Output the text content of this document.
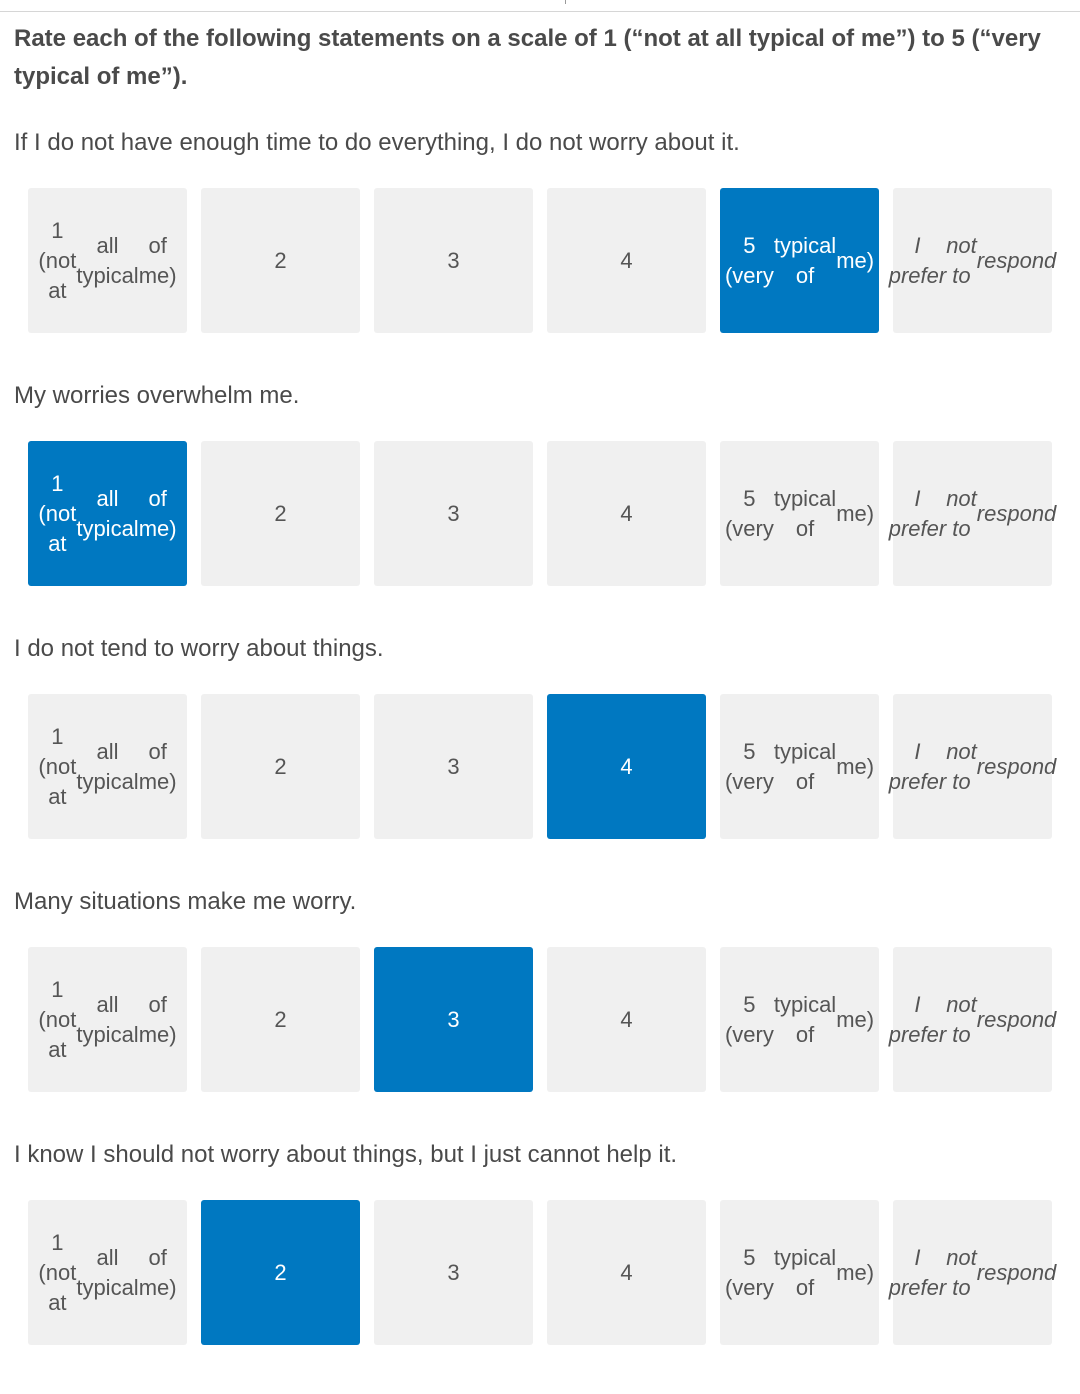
Rate each of the following statements on a scale of 1 (“not at all typical of me”) to 5 (“very typical of me”).
If I do not have enough time to do everything, I do not worry about it.
1 (not at
all typical
of me)
2	3	4
5 (very
typical of
me)
I prefer
not to
respond
My worries overwhelm me.
1 (not at
all typical
of me)
2	3	4
5 (very
typical of
me)
I prefer
not to
respond
I do not tend to worry about things.
1 (not at
all typical
of me)
2	3	4
5 (very
typical of
me)
I prefer
not to
respond
Many situations make me worry.
1 (not at
all typical
of me)
2	3	4
5 (very
typical of
me)
I prefer
not to
respond
I know I should not worry about things, but I just cannot help it.
1 (not at
all typical
of me)
2	3	4
5 (very
typical of
me)
I prefer
not to
respond
